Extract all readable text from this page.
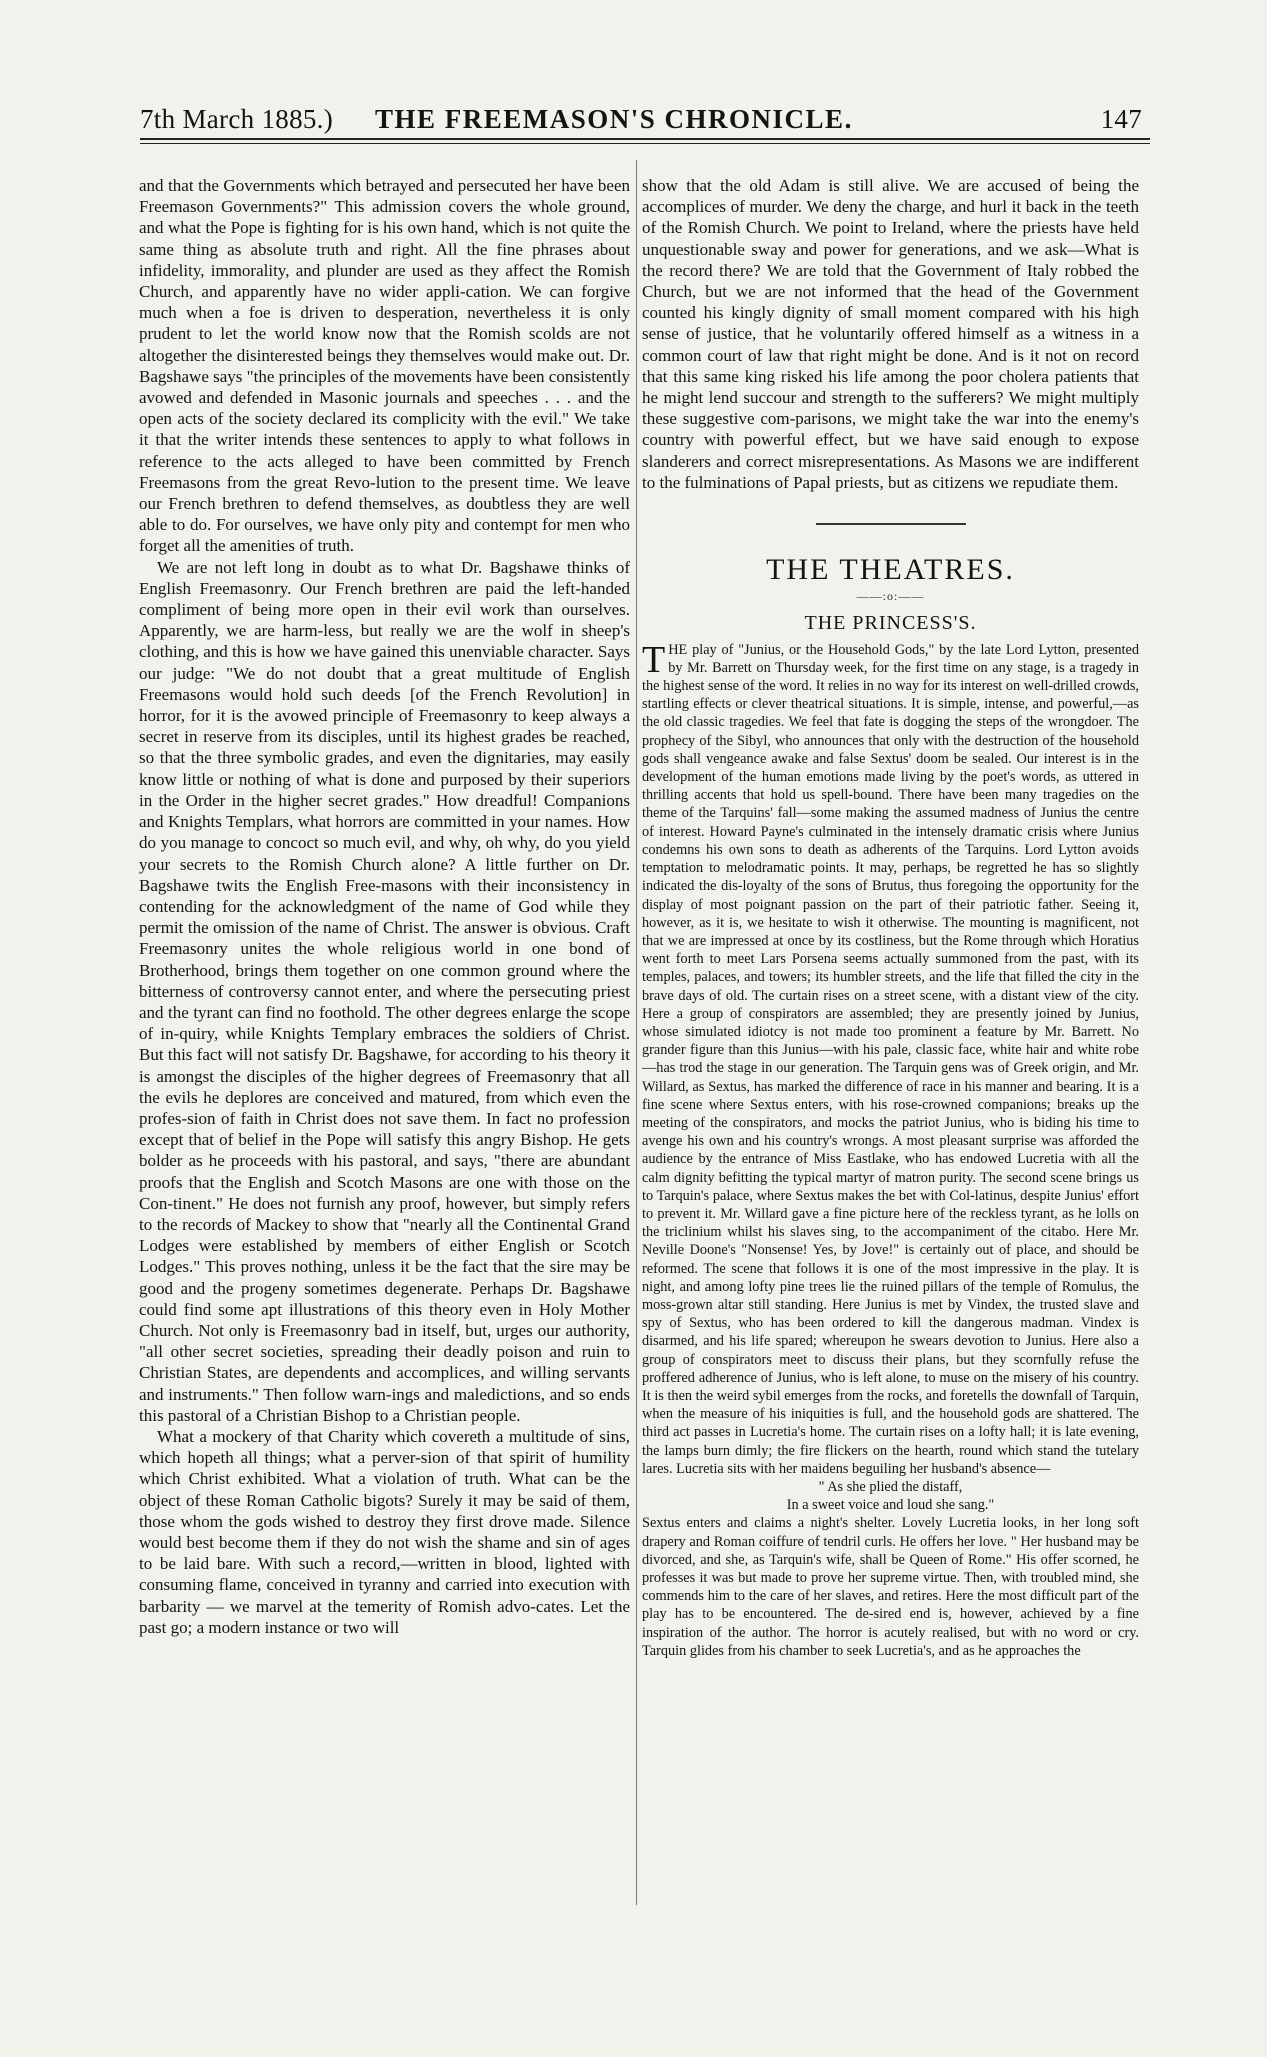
7th March 1885.) THE FREEMASON'S CHRONICLE.	147

and that the Governments which betrayed and persecuted her have been Freemason Governments?" This admission covers the whole ground, and what the Pope is fighting for is his own hand, which is not quite the same thing as absolute truth and right. All the fine phrases about infidelity, immorality, and plunder are used as they affect the Romish Church, and apparently have no wider appli-cation. We can forgive much when a foe is driven to desperation, nevertheless it is only prudent to let the world know now that the Romish scolds are not altogether the disinterested beings they themselves would make out. Dr. Bagshawe says "the principles of the movements have been consistently avowed and defended in Masonic journals and speeches . . . and the open acts of the society declared its complicity with the evil." We take it that the writer intends these sentences to apply to what follows in reference to the acts alleged to have been committed by French Freemasons from the great Revo-lution to the present time. We leave our French brethren to defend themselves, as doubtless they are well able to do. For ourselves, we have only pity and contempt for men who forget all the amenities of truth.

We are not left long in doubt as to what Dr. Bagshawe thinks of English Freemasonry. Our French brethren are paid the left-handed compliment of being more open in their evil work than ourselves. Apparently, we are harm-less, but really we are the wolf in sheep's clothing, and this is how we have gained this unenviable character. Says our judge: "We do not doubt that a great multitude of English Freemasons would hold such deeds [of the French Revolution] in horror, for it is the avowed principle of Freemasonry to keep always a secret in reserve from its disciples, until its highest grades be reached, so that the three symbolic grades, and even the dignitaries, may easily know little or nothing of what is done and purposed by their superiors in the Order in the higher secret grades." How dreadful! Companions and Knights Templars, what horrors are committed in your names. How do you manage to concoct so much evil, and why, oh why, do you yield your secrets to the Romish Church alone? A little further on Dr. Bagshawe twits the English Free-masons with their inconsistency in contending for the acknowledgment of the name of God while they permit the omission of the name of Christ. The answer is obvious. Craft Freemasonry unites the whole religious world in one bond of Brotherhood, brings them together on one common ground where the bitterness of controversy cannot enter, and where the persecuting priest and the tyrant can find no foothold. The other degrees enlarge the scope of in-quiry, while Knights Templary embraces the soldiers of Christ. But this fact will not satisfy Dr. Bagshawe, for according to his theory it is amongst the disciples of the higher degrees of Freemasonry that all the evils he deplores are conceived and matured, from which even the profes-sion of faith in Christ does not save them. In fact no profession except that of belief in the Pope will satisfy this angry Bishop. He gets bolder as he proceeds with his pastoral, and says, "there are abundant proofs that the English and Scotch Masons are one with those on the Con-tinent." He does not furnish any proof, however, but simply refers to the records of Mackey to show that "nearly all the Continental Grand Lodges were established by members of either English or Scotch Lodges." This proves nothing, unless it be the fact that the sire may be good and the progeny sometimes degenerate. Perhaps Dr. Bagshawe could find some apt illustrations of this theory even in Holy Mother Church. Not only is Freemasonry bad in itself, but, urges our authority, "all other secret societies, spreading their deadly poison and ruin to Christian States, are dependents and accomplices, and willing servants and instruments." Then follow warn-ings and maledictions, and so ends this pastoral of a Christian Bishop to a Christian people.

What a mockery of that Charity which covereth a multitude of sins, which hopeth all things; what a perver-sion of that spirit of humility which Christ exhibited. What a violation of truth. What can be the object of these Roman Catholic bigots? Surely it may be said of them, those whom the gods wished to destroy they first drove made. Silence would best become them if they do not wish the shame and sin of ages to be laid bare. With such a record,—written in blood, lighted with consuming flame, conceived in tyranny and carried into execution with barbarity — we marvel at the temerity of Romish advo-cates. Let the past go; a modern instance or two will

show that the old Adam is still alive. We are accused of being the accomplices of murder. We deny the charge, and hurl it back in the teeth of the Romish Church. We point to Ireland, where the priests have held unquestionable sway and power for generations, and we ask—What is the record there? We are told that the Government of Italy robbed the Church, but we are not informed that the head of the Government counted his kingly dignity of small moment compared with his high sense of justice, that he voluntarily offered himself as a witness in a common court of law that right might be done. And is it not on record that this same king risked his life among the poor cholera patients that he might lend succour and strength to the sufferers? We might multiply these suggestive com-parisons, we might take the war into the enemy's country with powerful effect, but we have said enough to expose slanderers and correct misrepresentations. As Masons we are indifferent to the fulminations of Papal priests, but as citizens we repudiate them.

THE THEATRES.
——:o:——
THE PRINCESS'S.

THE play of "Junius, or the Household Gods," by the late Lord Lytton, presented by Mr. Barrett on Thursday week, for the first time on any stage, is a tragedy in the highest sense of the word. It relies in no way for its interest on well-drilled crowds, startling effects or clever theatrical situations. It is simple, intense, and powerful,—as the old classic tragedies. We feel that fate is dogging the steps of the wrongdoer. The prophecy of the Sibyl, who announces that only with the destruction of the household gods shall vengeance awake and false Sextus' doom be sealed. Our interest is in the development of the human emotions made living by the poet's words, as uttered in thrilling accents that hold us spell-bound. There have been many tragedies on the theme of the Tarquins' fall—some making the assumed madness of Junius the centre of interest. Howard Payne's culminated in the intensely dramatic crisis where Junius condemns his own sons to death as adherents of the Tarquins. Lord Lytton avoids temptation to melodramatic points. It may, perhaps, be regretted he has so slightly indicated the dis-loyalty of the sons of Brutus, thus foregoing the opportunity for the display of most poignant passion on the part of their patriotic father. Seeing it, however, as it is, we hesitate to wish it otherwise. The mounting is magnificent, not that we are impressed at once by its costliness, but the Rome through which Horatius went forth to meet Lars Porsena seems actually summoned from the past, with its temples, palaces, and towers; its humbler streets, and the life that filled the city in the brave days of old. The curtain rises on a street scene, with a distant view of the city. Here a group of conspirators are assembled; they are presently joined by Junius, whose simulated idiotcy is not made too prominent a feature by Mr. Barrett. No grander figure than this Junius—with his pale, classic face, white hair and white robe—has trod the stage in our generation. The Tarquin gens was of Greek origin, and Mr. Willard, as Sextus, has marked the difference of race in his manner and bearing. It is a fine scene where Sextus enters, with his rose-crowned companions; breaks up the meeting of the conspirators, and mocks the patriot Junius, who is biding his time to avenge his own and his country's wrongs. A most pleasant surprise was afforded the audience by the entrance of Miss Eastlake, who has endowed Lucretia with all the calm dignity befitting the typical martyr of matron purity. The second scene brings us to Tarquin's palace, where Sextus makes the bet with Col-latinus, despite Junius' effort to prevent it. Mr. Willard gave a fine picture here of the reckless tyrant, as he lolls on the triclinium whilst his slaves sing, to the accompaniment of the citabo. Here Mr. Neville Doone's "Nonsense! Yes, by Jove!" is certainly out of place, and should be reformed. The scene that follows it is one of the most impressive in the play. It is night, and among lofty pine trees lie the ruined pillars of the temple of Romulus, the moss-grown altar still standing. Here Junius is met by Vindex, the trusted slave and spy of Sextus, who has been ordered to kill the dangerous madman. Vindex is disarmed, and his life spared; whereupon he swears devotion to Junius. Here also a group of conspirators meet to discuss their plans, but they scornfully refuse the proffered adherence of Junius, who is left alone, to muse on the misery of his country. It is then the weird sybil emerges from the rocks, and foretells the downfall of Tarquin, when the measure of his iniquities is full, and the household gods are shattered. The third act passes in Lucretia's home. The curtain rises on a lofty hall; it is late evening, the lamps burn dimly; the fire flickers on the hearth, round which stand the tutelary lares. Lucretia sits with her maidens beguiling her husband's absence—

" As she plied the distaff,
In a sweet voice and loud she sang."

Sextus enters and claims a night's shelter. Lovely Lucretia looks, in her long soft drapery and Roman coiffure of tendril curls. He offers her love. " Her husband may be divorced, and she, as Tarquin's wife, shall be Queen of Rome." His offer scorned, he professes it was but made to prove her supreme virtue. Then, with troubled mind, she commends him to the care of her slaves, and retires. Here the most difficult part of the play has to be encountered. The de-sired end is, however, achieved by a fine inspiration of the author. The horror is acutely realised, but with no word or cry. Tarquin glides from his chamber to seek Lucretia's, and as he approaches the
